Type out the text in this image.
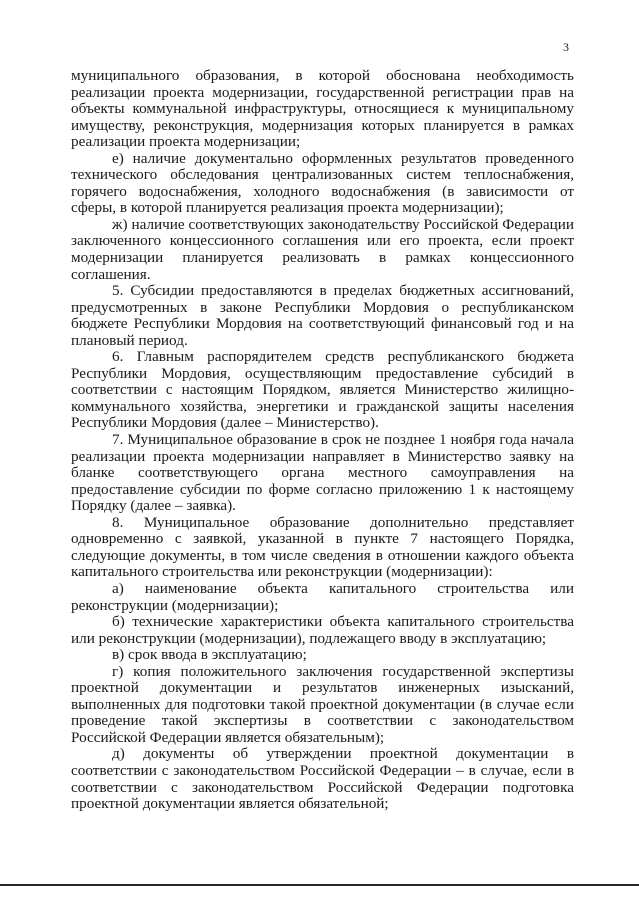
3

муниципального образования, в которой обоснована необходимость реализации проекта модернизации, государственной регистрации прав на объекты коммунальной инфраструктуры, относящиеся к муниципальному имуществу, реконструкция, модернизация которых планируется в рамках реализации проекта модернизации;

е) наличие документально оформленных результатов проведенного технического обследования централизованных систем теплоснабжения, горячего водоснабжения, холодного водоснабжения (в зависимости от сферы, в которой планируется реализация проекта модернизации);

ж) наличие соответствующих законодательству Российской Федерации заключенного концессионного соглашения или его проекта, если проект модернизации планируется реализовать в рамках концессионного соглашения.

5. Субсидии предоставляются в пределах бюджетных ассигнований, предусмотренных в законе Республики Мордовия о республиканском бюджете Республики Мордовия на соответствующий финансовый год и на плановый период.

6. Главным распорядителем средств республиканского бюджета Республики Мордовия, осуществляющим предоставление субсидий в соответствии с настоящим Порядком, является Министерство жилищно-коммунального хозяйства, энергетики и гражданской защиты населения Республики Мордовия (далее – Министерство).

7. Муниципальное образование в срок не позднее 1 ноября года начала реализации проекта модернизации направляет в Министерство заявку на бланке соответствующего органа местного самоуправления на предоставление субсидии по форме согласно приложению 1 к настоящему Порядку (далее – заявка).

8. Муниципальное образование дополнительно представляет одновременно с заявкой, указанной в пункте 7 настоящего Порядка, следующие документы, в том числе сведения в отношении каждого объекта капитального строительства или реконструкции (модернизации):

а) наименование объекта капитального строительства или реконструкции (модернизации);

б) технические характеристики объекта капитального строительства или реконструкции (модернизации), подлежащего вводу в эксплуатацию;

в) срок ввода в эксплуатацию;

г) копия положительного заключения государственной экспертизы проектной документации и результатов инженерных изысканий, выполненных для подготовки такой проектной документации (в случае если проведение такой экспертизы в соответствии с законодательством Российской Федерации является обязательным);

д) документы об утверждении проектной документации в соответствии с законодательством Российской Федерации – в случае, если в соответствии с законодательством Российской Федерации подготовка проектной документации является обязательной;
